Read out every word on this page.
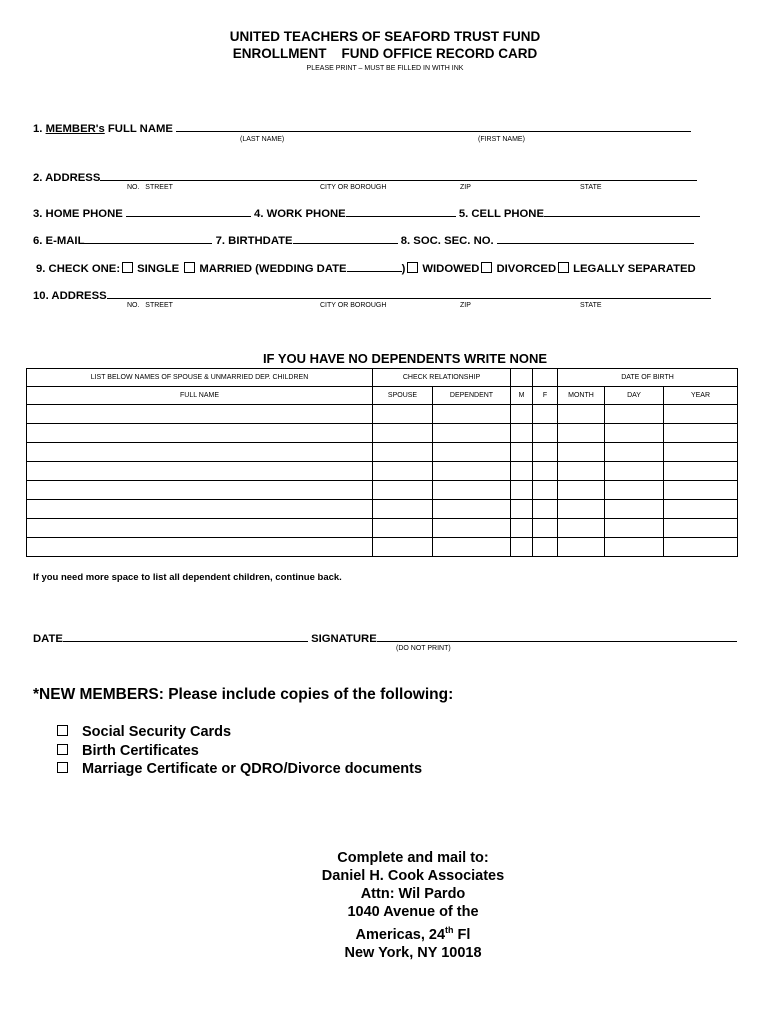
UNITED TEACHERS OF SEAFORD TRUST FUND
ENROLLMENT    FUND OFFICE RECORD CARD
PLEASE PRINT – MUST BE FILLED IN WITH INK
1. MEMBER's FULL NAME
(LAST NAME)	(FIRST NAME)
2. ADDRESS
NO.   STREET	CITY OR BOROUGH	ZIP	STATE
3. HOME PHONE	4. WORK PHONE	5. CELL PHONE
6. E-MAIL	7. BIRTHDATE	8. SOC. SEC. NO.
9. CHECK ONE: SINGLE MARRIED (WEDDING DATE	) WIDOWED DIVORCED LEGALLY SEPARATED
10. ADDRESS
NO.   STREET	CITY OR BOROUGH	ZIP	STATE
IF YOU HAVE NO DEPENDENTS WRITE NONE
LIST BELOW NAMES OF SPOUSE & UNMARRIED DEP. CHILDREN	CHECK RELATIONSHIP				DATE OF BIRTH		
FULL NAME	SPOUSE	DEPENDENT	M	F	MONTH	DAY	YEAR

If you need more space to list all dependent children, continue back.
DATE	SIGNATURE
(DO NOT PRINT)
*NEW MEMBERS: Please include copies of the following:
Social Security Cards
Birth Certificates
Marriage Certificate or QDRO/Divorce documents
Complete and mail to:
Daniel H. Cook Associates
Attn: Wil Pardo
1040 Avenue of the
Americas, 24th Fl
New York, NY 10018
